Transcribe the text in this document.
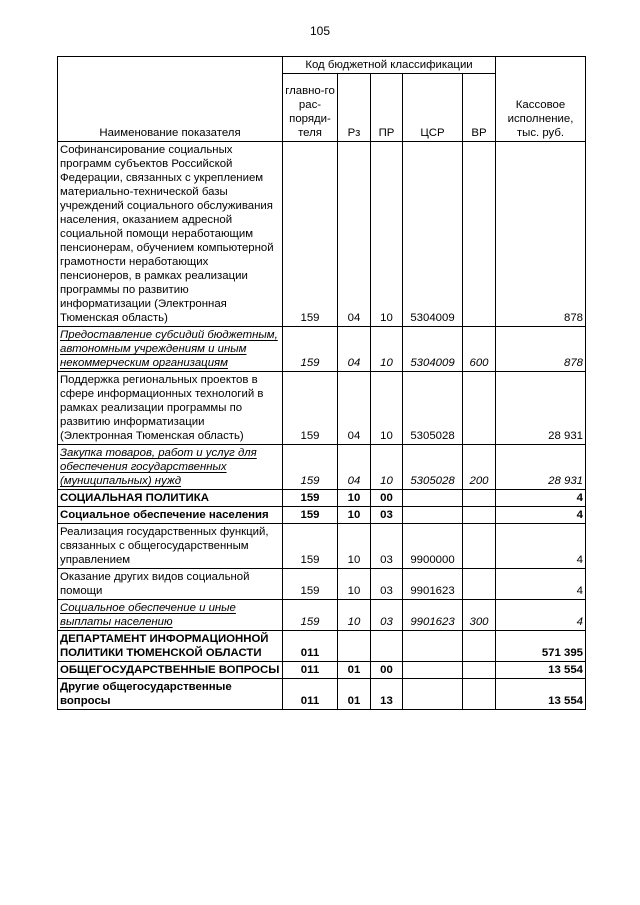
105
Наименование показателя	Код бюджетной классификации					Кассовое исполнение, тыс. руб.
	главно-го рас-поряди-теля	Рз	ПР	ЦСР	ВР	
Софинансирование социальных программ субъектов Российской Федерации, связанных с укреплением материально-технической базы учреждений социального обслуживания населения, оказанием адресной социальной помощи неработающим пенсионерам, обучением компьютерной грамотности неработающих пенсионеров, в рамках реализации программы по развитию информатизации (Электронная Тюменская область)	159	04	10	5304009		878
Предоставление субсидий бюджетным, автономным учреждениям и иным некоммерческим организациям	159	04	10	5304009	600	878
Поддержка региональных проектов в сфере информационных технологий в рамках реализации программы по развитию информатизации (Электронная Тюменская область)	159	04	10	5305028		28 931
Закупка товаров, работ и услуг для обеспечения государственных (муниципальных) нужд	159	04	10	5305028	200	28 931
СОЦИАЛЬНАЯ ПОЛИТИКА	159	10	00			4
Социальное обеспечение населения	159	10	03			4
Реализация государственных функций, связанных с общегосударственным управлением	159	10	03	9900000		4
Оказание других видов социальной помощи	159	10	03	9901623		4
Социальное обеспечение и иные выплаты населению	159	10	03	9901623	300	4
ДЕПАРТАМЕНТ ИНФОРМАЦИОННОЙ ПОЛИТИКИ ТЮМЕНСКОЙ ОБЛАСТИ	011					571 395
ОБЩЕГОСУДАРСТВЕННЫЕ ВОПРОСЫ	011	01	00			13 554
Другие общегосударственные вопросы	011	01	13			13 554
